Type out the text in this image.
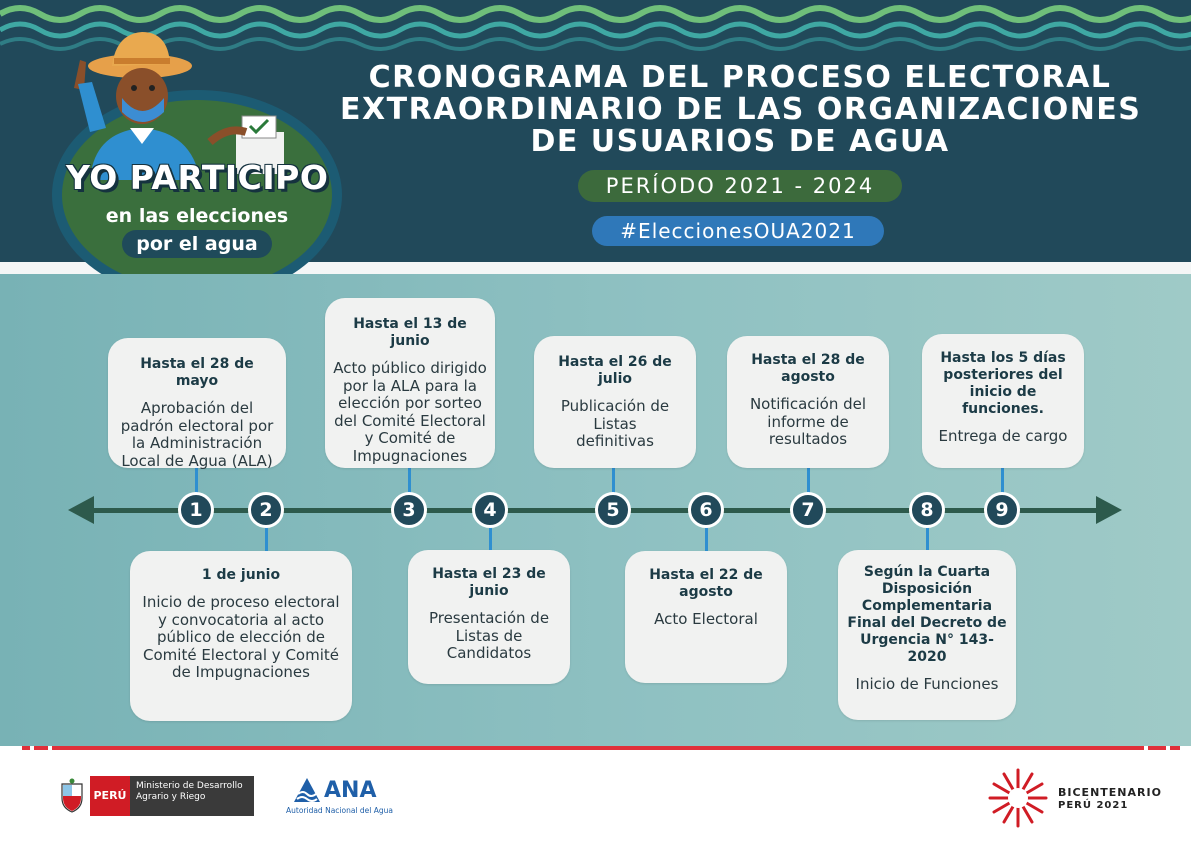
CRONOGRAMA DEL PROCESO ELECTORAL
EXTRAORDINARIO DE LAS ORGANIZACIONES
DE USUARIOS DE AGUA
PERÍODO 2021 - 2024
#EleccionesOUA2021
YO PARTICIPO
en las elecciones
por el agua
1	2	3	4	5	6	7	8	9
Hasta el 28 de mayo
Aprobación del padrón electoral por la Administración Local de Agua (ALA)
Hasta el 13 de junio
Acto público dirigido por la ALA para la elección por sorteo del Comité Electoral y Comité de Impugnaciones
Hasta el 26 de julio
Publicación de Listas definitivas
Hasta el 28 de agosto
Notificación del informe de resultados
Hasta los 5 días posteriores del inicio de funciones.
Entrega de cargo
1 de junio
Inicio de proceso electoral y convocatoria al acto público de elección de Comité Electoral y Comité de Impugnaciones
Hasta el 23 de junio
Presentación de Listas de Candidatos
Hasta el 22 de agosto
Acto Electoral
Según la Cuarta Disposición Complementaria Final del Decreto de Urgencia N° 143-2020
Inicio de Funciones
PERÚ
Ministerio de Desarrollo Agrario y Riego	ANA
Autoridad Nacional del Agua
BICENTENARIO
PERÚ 2021
